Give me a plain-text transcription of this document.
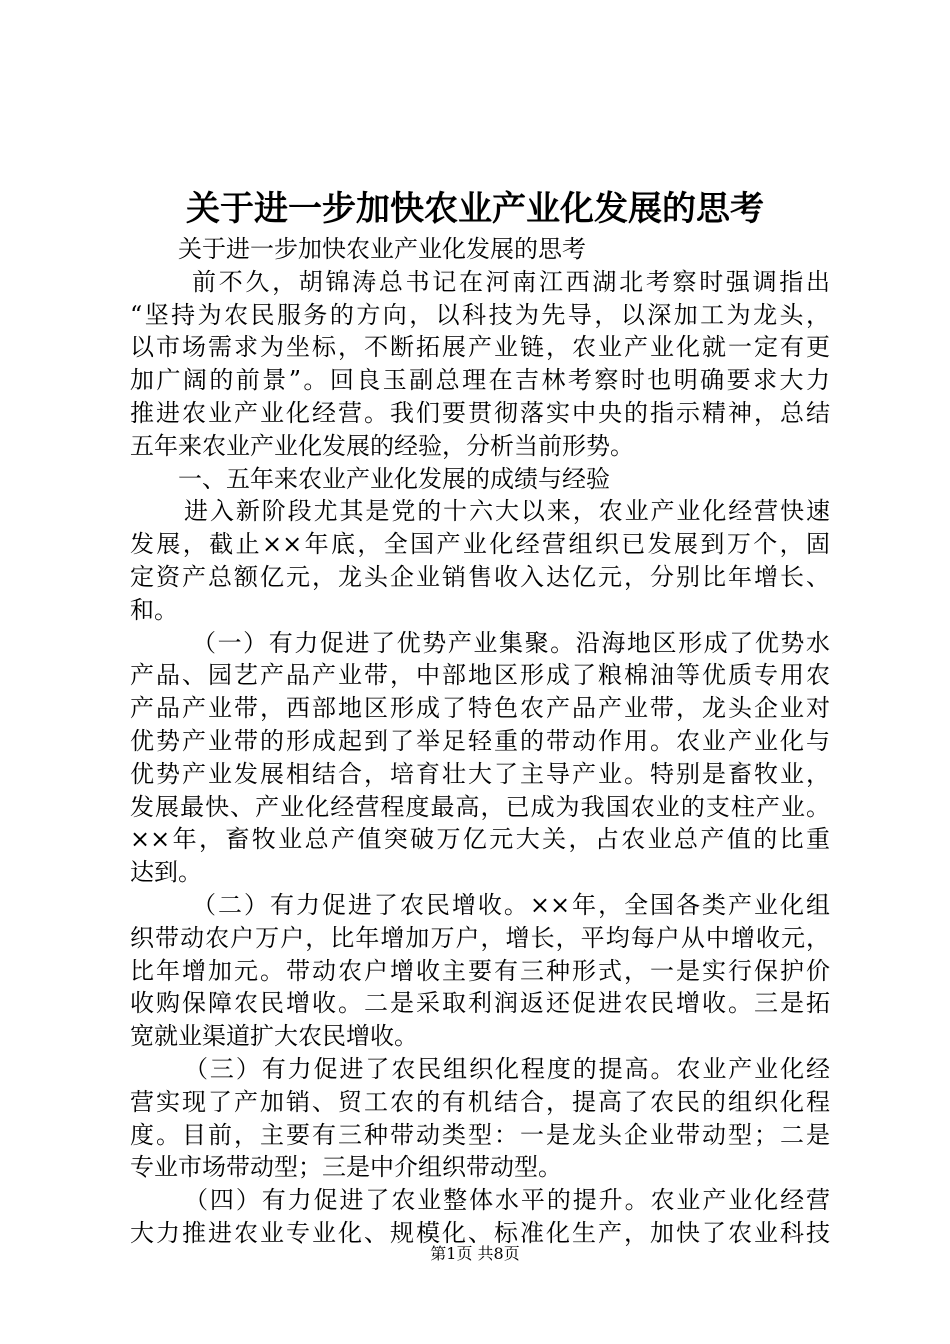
关于进一步加快农业产业化发展的思考
关于进一步加快农业产业化发展的思考
前不久，胡锦涛总书记在河南江西湖北考察时强调指出
“坚持为农民服务的方向，以科技为先导，以深加工为龙头，
以市场需求为坐标，不断拓展产业链，农业产业化就一定有更
加广阔的前景”。回良玉副总理在吉林考察时也明确要求大力
推进农业产业化经营。我们要贯彻落实中央的指示精神，总结
五年来农业产业化发展的经验，分析当前形势。
一、五年来农业产业化发展的成绩与经验
进入新阶段尤其是党的十六大以来，农业产业化经营快速
发展，截止××年底，全国产业化经营组织已发展到万个，固
定资产总额亿元，龙头企业销售收入达亿元，分别比年增长、
和。
（一）有力促进了优势产业集聚。沿海地区形成了优势水
产品、园艺产品产业带，中部地区形成了粮棉油等优质专用农
产品产业带，西部地区形成了特色农产品产业带，龙头企业对
优势产业带的形成起到了举足轻重的带动作用。农业产业化与
优势产业发展相结合，培育壮大了主导产业。特别是畜牧业，
发展最快、产业化经营程度最高，已成为我国农业的支柱产业。
××年，畜牧业总产值突破万亿元大关，占农业总产值的比重
达到。
（二）有力促进了农民增收。××年，全国各类产业化组
织带动农户万户，比年增加万户，增长，平均每户从中增收元，
比年增加元。带动农户增收主要有三种形式，一是实行保护价
收购保障农民增收。二是采取利润返还促进农民增收。三是拓
宽就业渠道扩大农民增收。
（三）有力促进了农民组织化程度的提高。农业产业化经
营实现了产加销、贸工农的有机结合，提高了农民的组织化程
度。目前，主要有三种带动类型：一是龙头企业带动型；二是
专业市场带动型；三是中介组织带动型。
（四）有力促进了农业整体水平的提升。农业产业化经营
大力推进农业专业化、规模化、标准化生产，加快了农业科技
第1页 共8页
